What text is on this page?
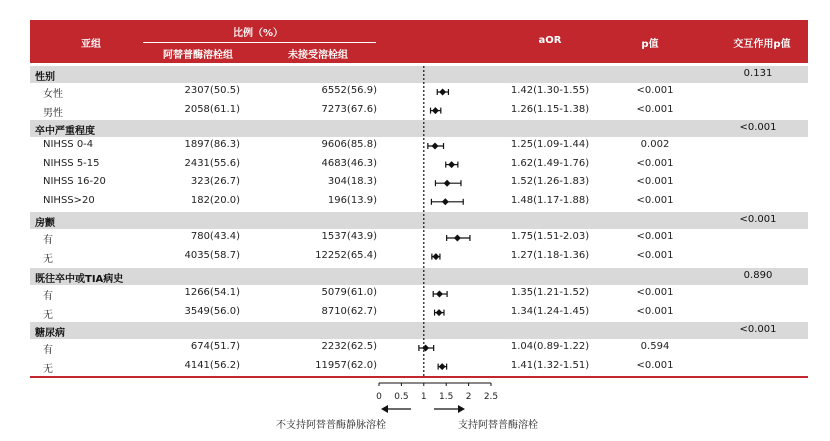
亚组
比例（%）
阿替普酶溶栓组	未接受溶栓组
aOR	p值	交互作用p值
性别	0.131
女性	2307(50.5)	6552(56.9)	1.42(1.30-1.55)	<0.001
男性	2058(61.1)	7273(67.6)	1.26(1.15-1.38)	<0.001
卒中严重程度	<0.001
NIHSS 0-4	1897(86.3)	9606(85.8)	1.25(1.09-1.44)	0.002
NIHSS 5-15	2431(55.6)	4683(46.3)	1.62(1.49-1.76)	<0.001
NIHSS 16-20	323(26.7)	304(18.3)	1.52(1.26-1.83)	<0.001
NIHSS>20	182(20.0)	196(13.9)	1.48(1.17-1.88)	<0.001
房颤	<0.001
有	780(43.4)	1537(43.9)	1.75(1.51-2.03)	<0.001
无	4035(58.7)	12252(65.4)	1.27(1.18-1.36)	<0.001
既往卒中或TIA病史	0.890
有	1266(54.1)	5079(61.0)	1.35(1.21-1.52)	<0.001
无	3549(56.0)	8710(62.7)	1.34(1.24-1.45)	<0.001
糖尿病	<0.001
有	674(51.7)	2232(62.5)	1.04(0.89-1.22)	0.594
无	4141(56.2)	11957(62.0)	1.41(1.32-1.51)	<0.001
0 0.5 1 1.5 2 2.5
不支持阿替普酶静脉溶栓	支持阿替普酶溶栓
